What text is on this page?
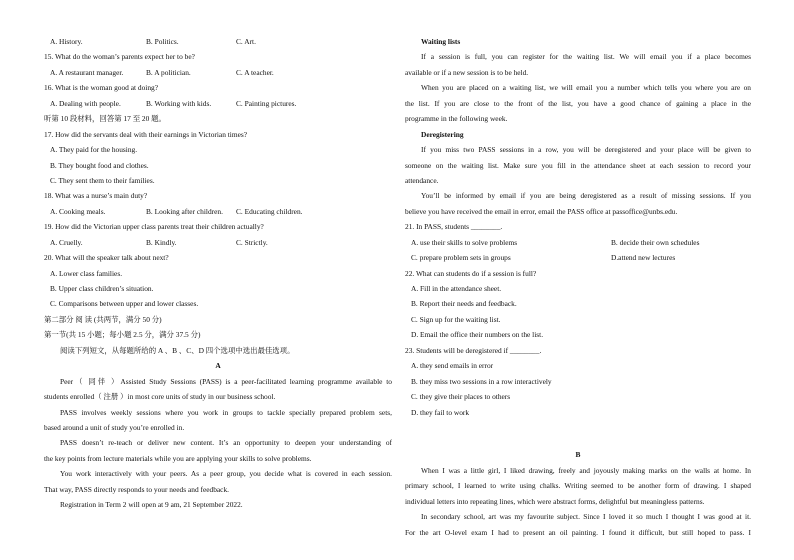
A. History.	B. Politics.	C. Art.
15. What do the woman’s parents expect her to be?
A. A restaurant manager.	B. A politician.	C. A teacher.
16. What is the woman good at doing?
A. Dealing with people.	B. Working with kids.	C. Painting pictures.
听第 10 段材料，回答第 17 至 20 题。
17. How did the servants deal with their earnings in Victorian times?
A. They paid for the housing.
B. They bought food and clothes.
C. They sent them to their families.
18. What was a nurse’s main duty?
A. Cooking meals.	B. Looking after children.	C. Educating children.
19. How did the Victorian upper class parents treat their children actually?
A. Cruelly.	B. Kindly.	C. Strictly.
20. What will the speaker talk about next?
A. Lower class families.
B. Upper class children’s situation.
C. Comparisons between upper and lower classes.
第二部分 阅 读 (共两节，满分 50 分)
第一节(共 15 小题；每小题 2.5 分，满分 37.5 分)
阅读下列短文，从每题所给的 A 、B 、C、D 四个选项中选出最佳选项。
A
Peer（ 同伴 ）Assisted Study Sessions (PASS) is a peer-facilitated learning programme available to
students enrolled（ 注册 ）in most core units of study in our business school.
PASS involves weekly sessions where you work in groups to tackle specially prepared problem sets,
based around a unit of study you’re enrolled in.
PASS doesn’t re-teach or deliver new content. It’s an opportunity to deepen your understanding of
the key points from lecture materials while you are applying your skills to solve problems.
You work interactively with your peers. As a peer group, you decide what is covered in each session.
That way, PASS directly responds to your needs and feedback.
Registration in Term 2 will open at 9 am, 21 September 2022.
Waiting lists
If a session is full, you can register for the waiting list. We will email you if a place becomes
available or if a new session is to be held.
When you are placed on a waiting list, we will email you a number which tells you where you are on
the list. If you are close to the front of the list, you have a good chance of gaining a place in the
programme in the following week.
Deregistering
If you miss two PASS sessions in a row, you will be deregistered and your place will be given to
someone on the waiting list. Make sure you fill in the attendance sheet at each session to record your
attendance.
You’ll be informed by email if you are being deregistered as a result of missing sessions. If you
believe you have received the email in error, email the PASS office at passoffice@unbs.edu.
21. In PASS, students ________.
A. use their skills to solve problems	B. decide their own schedules
C. prepare problem sets in groups	D.attend new lectures
22. What can students do if a session is full?
A. Fill in the attendance sheet.
B. Report their needs and feedback.
C. Sign up for the waiting list.
D. Email the office their numbers on the list.
23. Students will be deregistered if ________.
A. they send emails in error
B. they miss two sessions in a row interactively
C. they give their places to others
D. they fail to work
B
When I was a little girl, I liked drawing, freely and joyously making marks on the walls at home. In
primary school, I learned to write using chalks. Writing seemed to be another form of drawing. I shaped
individual letters into repeating lines, which were abstract forms, delightful but meaningless patterns.
In secondary school, art was my favourite subject. Since I loved it so much I thought I was good at it.
For the art O-level exam I had to present an oil painting. I found it difficult, but still hoped to pass. I
